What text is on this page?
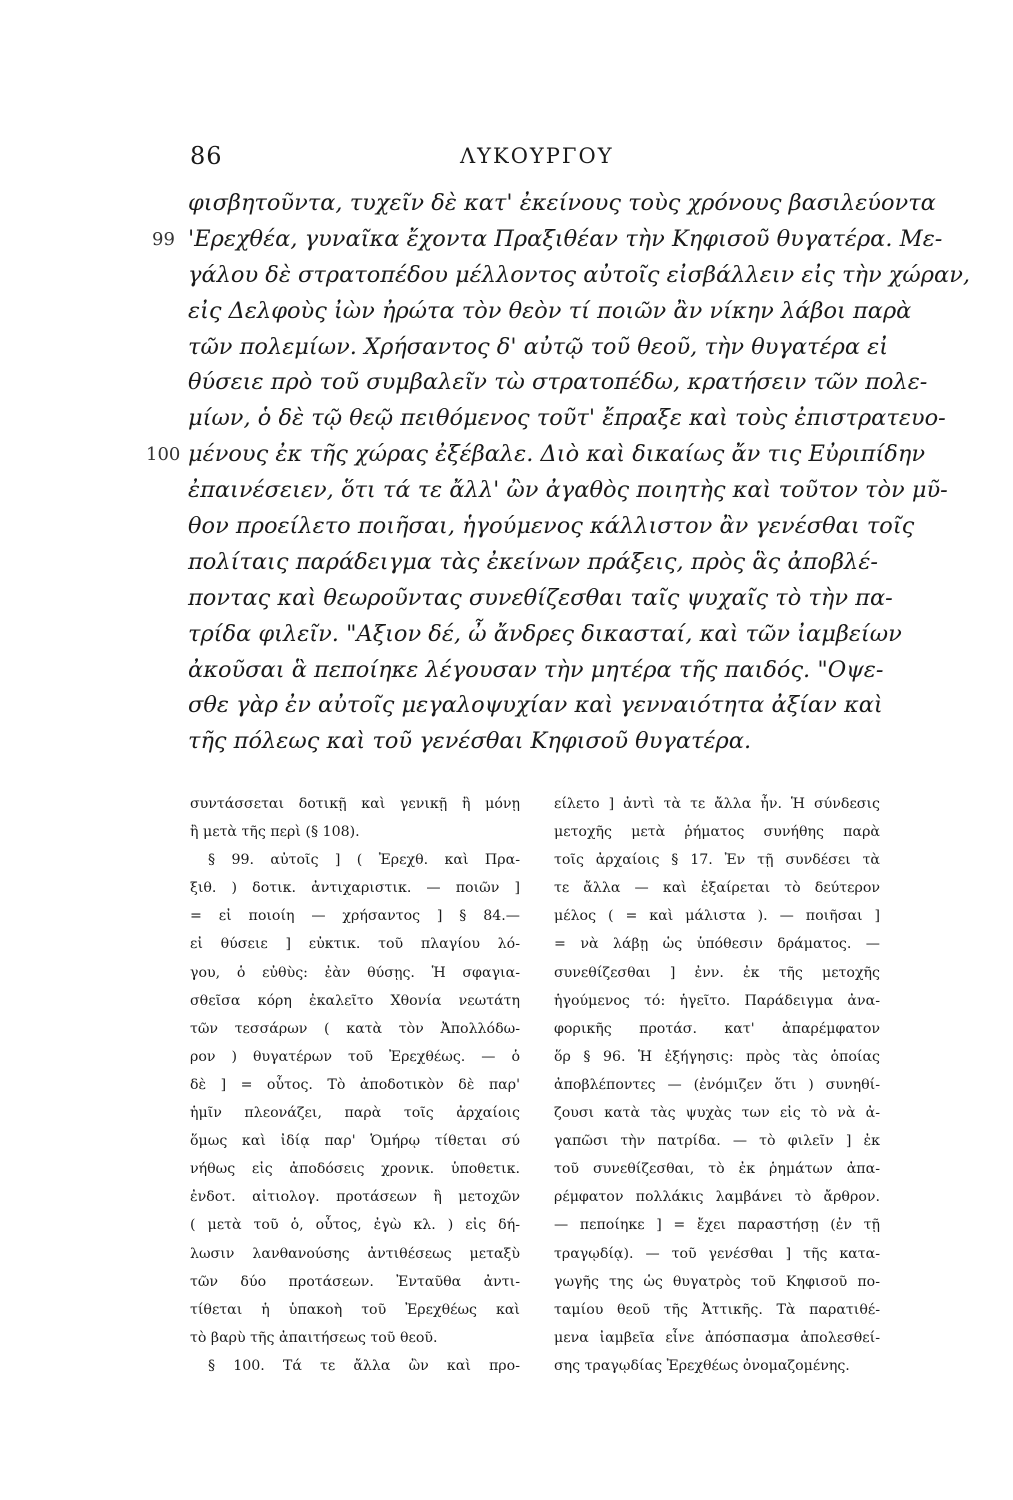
86	ΛΥΚΟΥΡΓΟΥ
φισβητοῦντα, τυχεῖν δὲ κατ' ἐκείνους τοὺς χρόνους βασιλεύοντα
99 'Ερεχθέα, γυναῖκα ἔχοντα Πραξιθέαν τὴν Κηφισοῦ θυγατέρα. Με-
γάλου δὲ στρατοπέδου μέλλοντος αὐτοῖς εἰσβάλλειν εἰς τὴν χώραν,
εἰς Δελφοὺς ἰὼν ἠρώτα τὸν θεὸν τί ποιῶν ἂν νίκην λάβοι παρὰ
τῶν πολεμίων. Χρήσαντος δ' αὐτῷ τοῦ θεοῦ, τὴν θυγατέρα εἰ
θύσειε πρὸ τοῦ συμβαλεῖν τὼ στρατοπέδω, κρατήσειν τῶν πολε-
μίων, ὁ δὲ τῷ θεῷ πειθόμενος τοῦτ' ἔπραξε καὶ τοὺς ἐπιστρατευο-
100 μένους ἐκ τῆς χώρας ἐξέβαλε. Διὸ καὶ δικαίως ἄν τις Εὐριπίδην
ἐπαινέσειεν, ὅτι τά τε ἄλλ' ὢν ἀγαθὸς ποιητὴς καὶ τοῦτον τὸν μῦ-
θον προείλετο ποιῆσαι, ἡγούμενος κάλλιστον ἂν γενέσθαι τοῖς
πολίταις παράδειγμα τὰς ἐκείνων πράξεις, πρὸς ἃς ἀποβλέ-
ποντας καὶ θεωροῦντας συνεθίζεσθαι ταῖς ψυχαῖς τὸ τὴν πα-
τρίδα φιλεῖν. "Αξιον δέ, ὦ ἄνδρες δικασταί, καὶ τῶν ἰαμβείων
ἀκοῦσαι ἃ πεποίηκε λέγουσαν τὴν μητέρα τῆς παιδός. "Οψε-
σθε γὰρ ἐν αὐτοῖς μεγαλοψυχίαν καὶ γενναιότητα ἀξίαν καὶ
τῆς πόλεως καὶ τοῦ γενέσθαι Κηφισοῦ θυγατέρα.
συντάσσεται δοτικῇ καὶ γενικῇ ἢ μόνῃ
ἢ μετὰ τῆς περὶ (§ 108).
§ 99. αὐτοῖς ] ( Ἐρεχθ. καὶ Πρα-
ξιθ. ) δοτικ. ἀντιχαριστικ. — ποιῶν ]
= εἰ ποιοίη — χρήσαντος ] § 84.—
εἰ θύσειε ] εὐκτικ. τοῦ πλαγίου λό-
γου, ὁ εὐθὺς: ἐὰν θύσῃς. Ἡ σφαγια-
σθεῖσα κόρη ἐκαλεῖτο Χθονία νεωτάτη
τῶν τεσσάρων ( κατὰ τὸν Ἀπολλόδω-
ρον ) θυγατέρων τοῦ Ἐρεχθέως. — ὁ
δὲ ] = οὗτος. Τὸ ἀποδοτικὸν δὲ παρ'
ἡμῖν πλεονάζει, παρὰ τοῖς ἀρχαίοις
ὅμως καὶ ἰδίᾳ παρ' Ὁμήρῳ τίθεται σύ
νήθως εἰς ἀποδόσεις χρονικ. ὑποθετικ.
ἐνδοτ. αἰτιολογ. προτάσεων ἢ μετοχῶν
( μετὰ τοῦ ὁ, οὗτος, ἐγὼ κλ. ) εἰς δή-
λωσιν λανθανούσης ἀντιθέσεως μεταξὺ
τῶν δύο προτάσεων. Ἐνταῦθα ἀντι-
τίθεται ἡ ὑπακοὴ τοῦ Ἐρεχθέως καὶ
τὸ βαρὺ τῆς ἀπαιτήσεως τοῦ θεοῦ.
§ 100. Τά τε ἄλλα ὢν καὶ προ-
είλετο ] ἀντὶ τὰ τε ἄλλα ἦν. Ἡ σύνδεσις
μετοχῆς μετὰ ῥήματος συνήθης παρὰ
τοῖς ἀρχαίοις § 17. Ἐν τῇ συνδέσει τὰ
τε ἄλλα — καὶ ἐξαίρεται τὸ δεύτερον
μέλος ( = καὶ μάλιστα ). — ποιῆσαι ]
= νὰ λάβῃ ὡς ὑπόθεσιν δράματος. —
συνεθίζεσθαι ] ἐνν. ἐκ τῆς μετοχῆς
ἡγούμενος τό: ἡγεῖτο. Παράδειγμα ἀνα-
φορικῆς προτάσ. κατ' ἀπαρέμφατον
ὅρ § 96. Ἡ ἐξήγησις: πρὸς τὰς ὁποίας
ἀποβλέποντες — (ἐνόμιζεν ὅτι ) συνηθί-
ζουσι κατὰ τὰς ψυχὰς των εἰς τὸ νὰ ἀ-
γαπῶσι τὴν πατρίδα. — τὸ φιλεῖν ] ἐκ
τοῦ συνεθίζεσθαι, τὸ ἐκ ῥημάτων ἀπα-
ρέμφατον πολλάκις λαμβάνει τὸ ἄρθρον.
— πεποίηκε ] = ἔχει παραστήσῃ (ἐν τῇ
τραγῳδίᾳ). — τοῦ γενέσθαι ] τῆς κατα-
γωγῆς της ὡς θυγατρὸς τοῦ Κηφισοῦ πο-
ταμίου θεοῦ τῆς Ἀττικῆς. Τὰ παρατιθέ-
μενα ἰαμβεῖα εἶνε ἀπόσπασμα ἀπολεσθεί-
σης τραγῳδίας Ἐρεχθέως ὀνομαζομένης.
